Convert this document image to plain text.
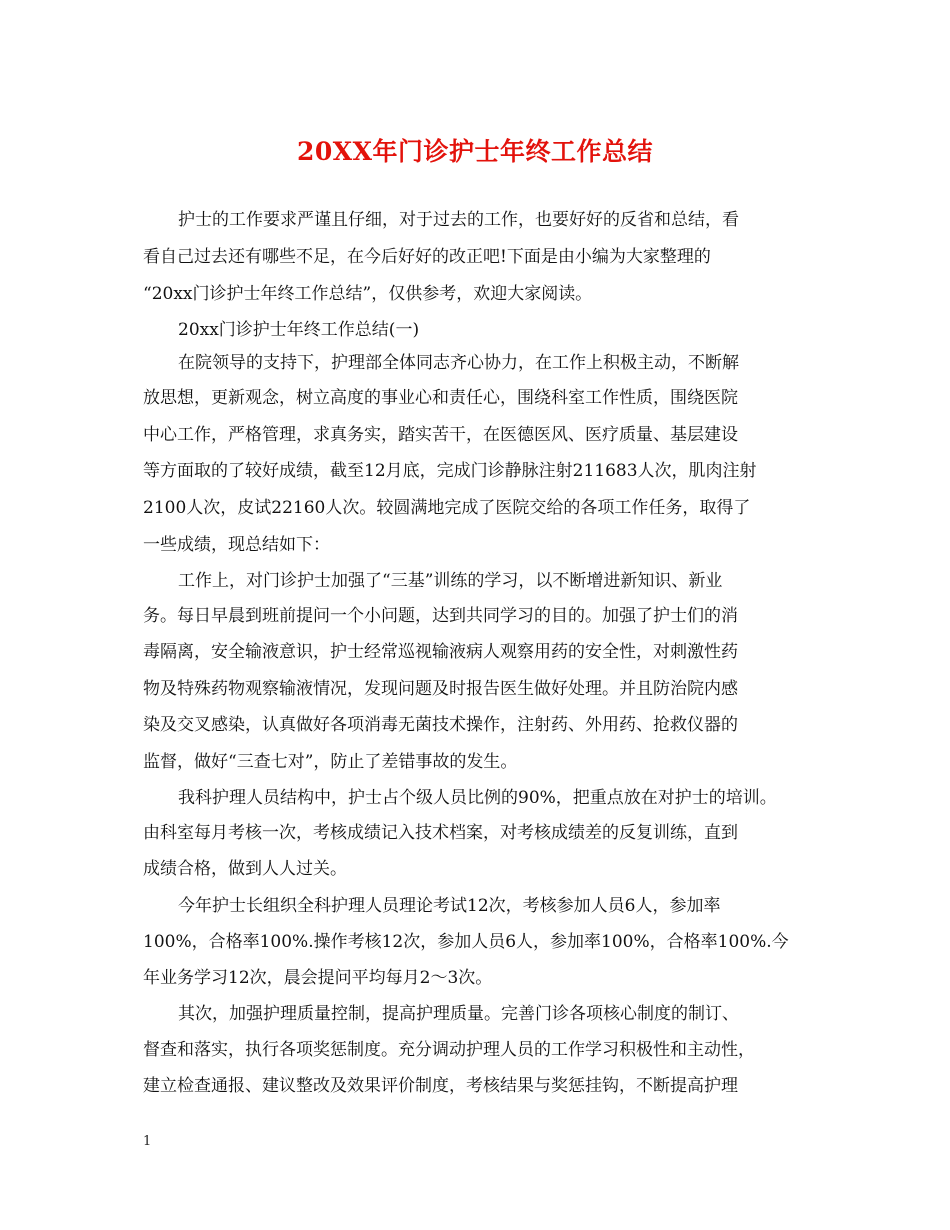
20XX年门诊护士年终工作总结

护士的工作要求严谨且仔细，对于过去的工作，也要好好的反省和总结，看

看自己过去还有哪些不足，在今后好好的改正吧!下面是由小编为大家整理的

“20xx门诊护士年终工作总结”，仅供参考，欢迎大家阅读。

20xx门诊护士年终工作总结(一)

在院领导的支持下，护理部全体同志齐心协力，在工作上积极主动，不断解

放思想，更新观念，树立高度的事业心和责任心，围绕科室工作性质，围绕医院

中心工作，严格管理，求真务实，踏实苦干，在医德医风、医疗质量、基层建设

等方面取的了较好成绩，截至12月底，完成门诊静脉注射211683人次，肌肉注射

2100人次，皮试22160人次。较圆满地完成了医院交给的各项工作任务，取得了

一些成绩，现总结如下：

工作上，对门诊护士加强了“三基”训练的学习，以不断增进新知识、新业

务。每日早晨到班前提问一个小问题，达到共同学习的目的。加强了护士们的消

毒隔离，安全输液意识，护士经常巡视输液病人观察用药的安全性，对刺激性药

物及特殊药物观察输液情况，发现问题及时报告医生做好处理。并且防治院内感

染及交叉感染，认真做好各项消毒无菌技术操作，注射药、外用药、抢救仪器的

监督，做好“三查七对”，防止了差错事故的发生。

我科护理人员结构中，护士占个级人员比例的90%，把重点放在对护士的培训。

由科室每月考核一次，考核成绩记入技术档案，对考核成绩差的反复训练，直到

成绩合格，做到人人过关。

今年护士长组织全科护理人员理论考试12次，考核参加人员6人，参加率

100%，合格率100%.操作考核12次，参加人员6人，参加率100%，合格率100%.今

年业务学习12次，晨会提问平均每月2～3次。

其次，加强护理质量控制，提高护理质量。完善门诊各项核心制度的制订、

督查和落实，执行各项奖惩制度。充分调动护理人员的工作学习积极性和主动性，

建立检查通报、建议整改及效果评价制度，考核结果与奖惩挂钩，不断提高护理

1
